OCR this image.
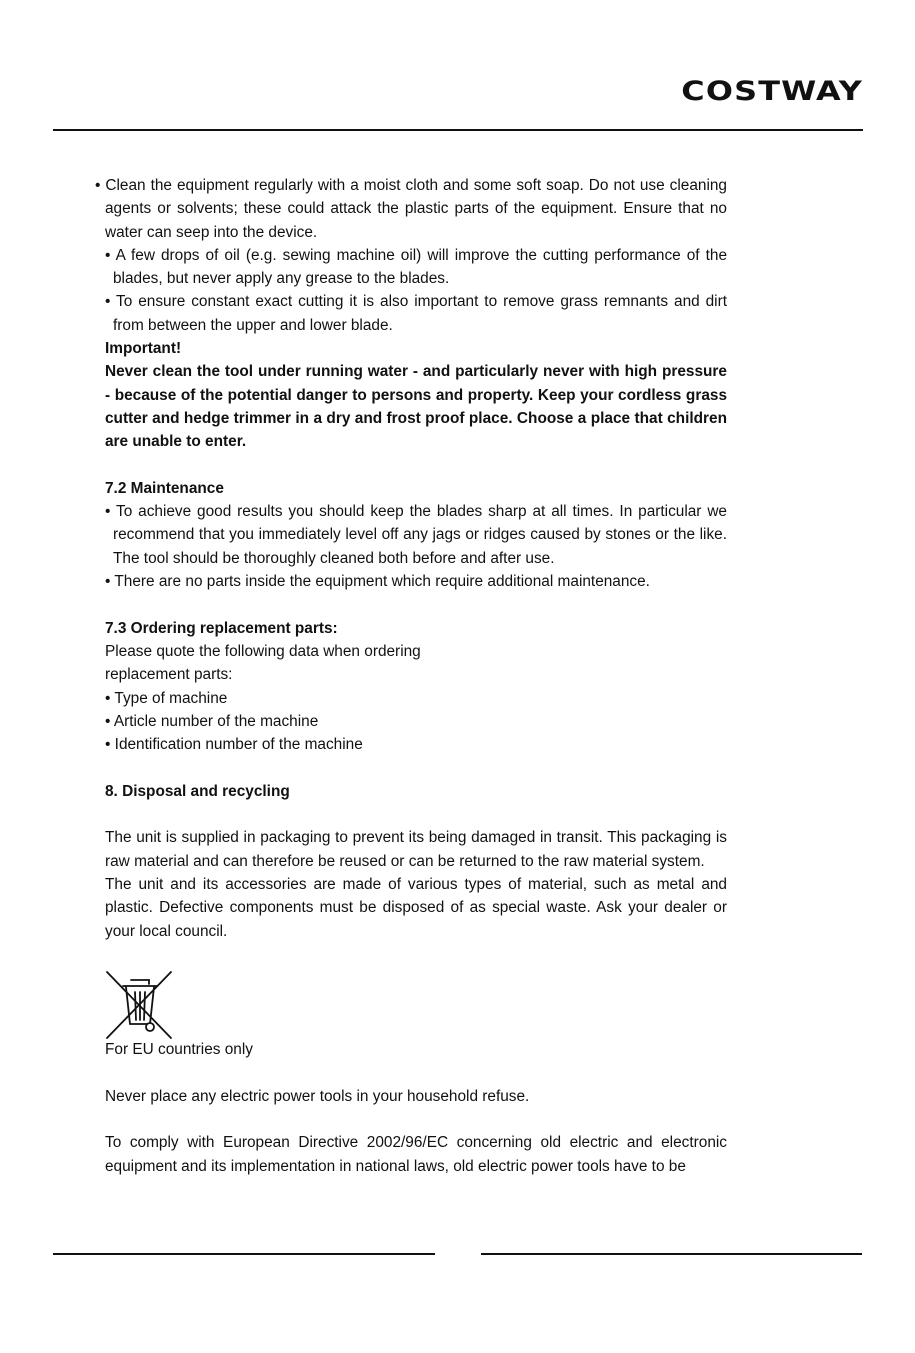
COSTWAY

• Clean the equipment regularly with a moist cloth and some soft soap. Do not use cleaning agents or solvents; these could attack the plastic parts of the equipment. Ensure that no water can seep into the device.

• A few drops of oil (e.g. sewing machine oil) will improve the cutting performance of the blades, but never apply any grease to the blades.

• To ensure constant exact cutting it is also important to remove grass remnants and dirt from between the upper and lower blade.

Important!

Never clean the tool under running water - and particularly never with high pressure - because of the potential danger to persons and property. Keep your cordless grass cutter and hedge trimmer in a dry and frost proof place. Choose a place that children are unable to enter.

7.2 Maintenance

• To achieve good results you should keep the blades sharp at all times. In particular we recommend that you immediately level off any jags or ridges caused by stones or the like. The tool should be thoroughly cleaned both before and after use.

• There are no parts inside the equipment which require additional maintenance.

7.3 Ordering replacement parts:

Please quote the following data when ordering

replacement parts:

• Type of machine

• Article number of the machine

• Identification number of the machine

8. Disposal and recycling

The unit is supplied in packaging to prevent its being damaged in transit. This packaging is raw material and can therefore be reused or can be returned to the raw material system.

The unit and its accessories are made of various types of material, such as metal and plastic. Defective components must be disposed of as special waste. Ask your dealer or your local council.

For EU countries only

Never place any electric power tools in your household refuse.

To comply with European Directive 2002/96/EC concerning old electric and electronic equipment and its implementation in national laws, old electric power tools have to be
